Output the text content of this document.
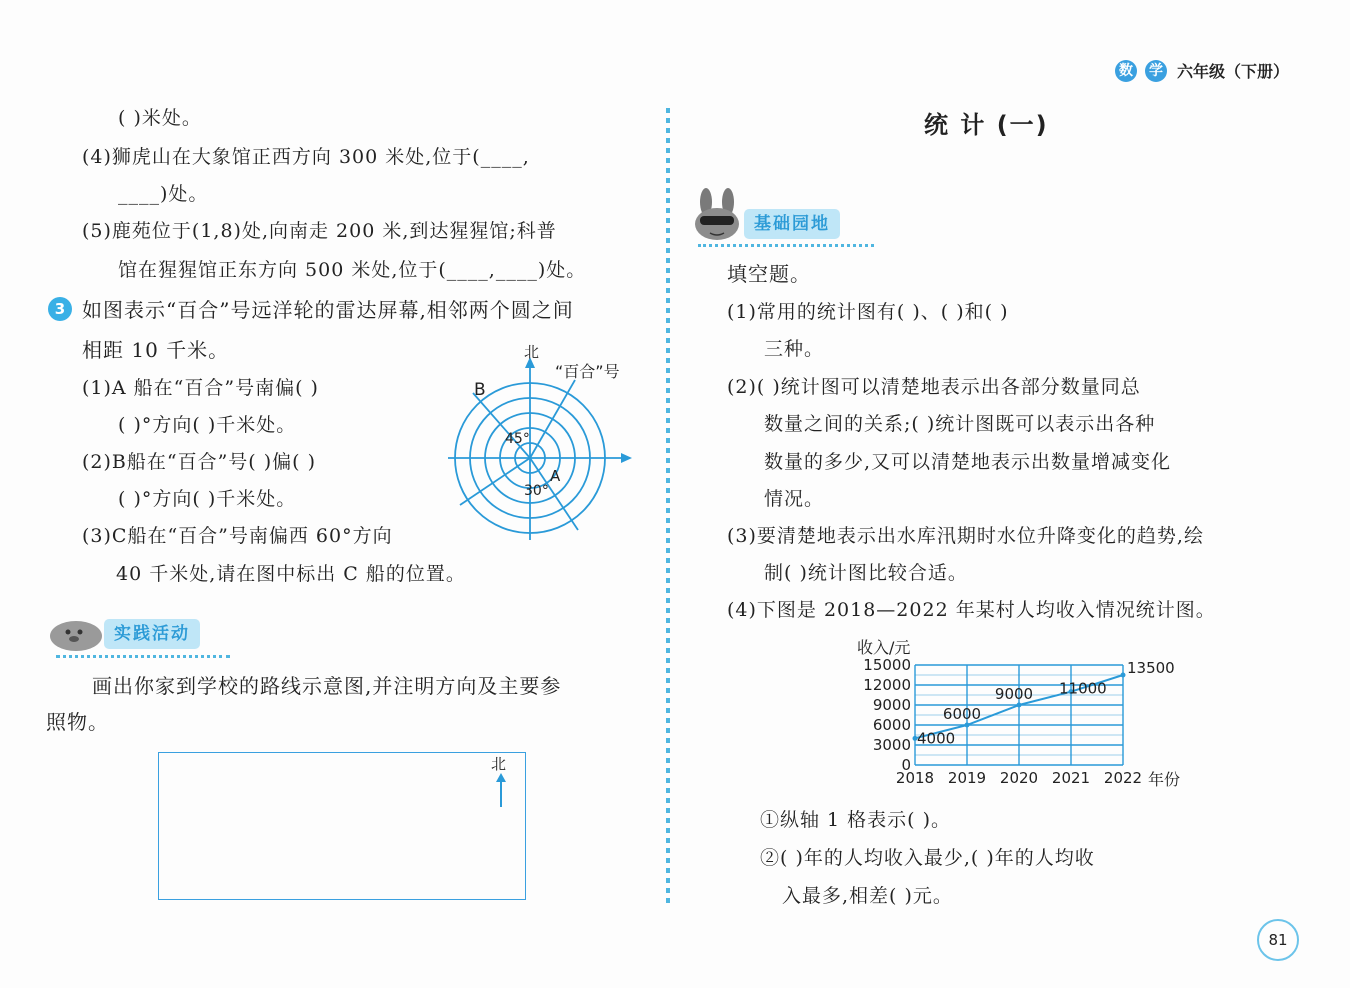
数 学 六年级（下册）
( )米处。
(4)狮虎山在大象馆正西方向 300 米处,位于(____,
____)处。
(5)鹿苑位于(1,8)处,向南走 200 米,到达猩猩馆;科普
馆在猩猩馆正东方向 500 米处,位于(____,____)处。
3 如图表示“百合”号远洋轮的雷达屏幕,相邻两个圆之间
相距 10 千米。
(1)A 船在“百合”号南偏( )
( )°方向( )千米处。
(2)B船在“百合”号( )偏( )
( )°方向( )千米处。
(3)C船在“百合”号南偏西 60°方向
40 千米处,请在图中标出 C 船的位置。
北
“百合”号
B
A
45°
30°
实践活动
画出你家到学校的路线示意图,并注明方向及主要参
照物。
北
统 计 (一)
基础园地
填空题。
(1)常用的统计图有( )、( )和( )
三种。
(2)( )统计图可以清楚地表示出各部分数量同总
数量之间的关系;( )统计图既可以表示出各种
数量的多少,又可以清楚地表示出数量增减变化
情况。
(3)要清楚地表示出水库汛期时水位升降变化的趋势,绘
制( )统计图比较合适。
(4)下图是 2018—2022 年某村人均收入情况统计图。
收入/元
年份
0
3000
6000
9000
12000
15000
2018 2019 2020 2021 2022
4000
6000
9000 11000
13500
①纵轴 1 格表示( )。
②( )年的人均收入最少,( )年的人均收
入最多,相差( )元。
81
